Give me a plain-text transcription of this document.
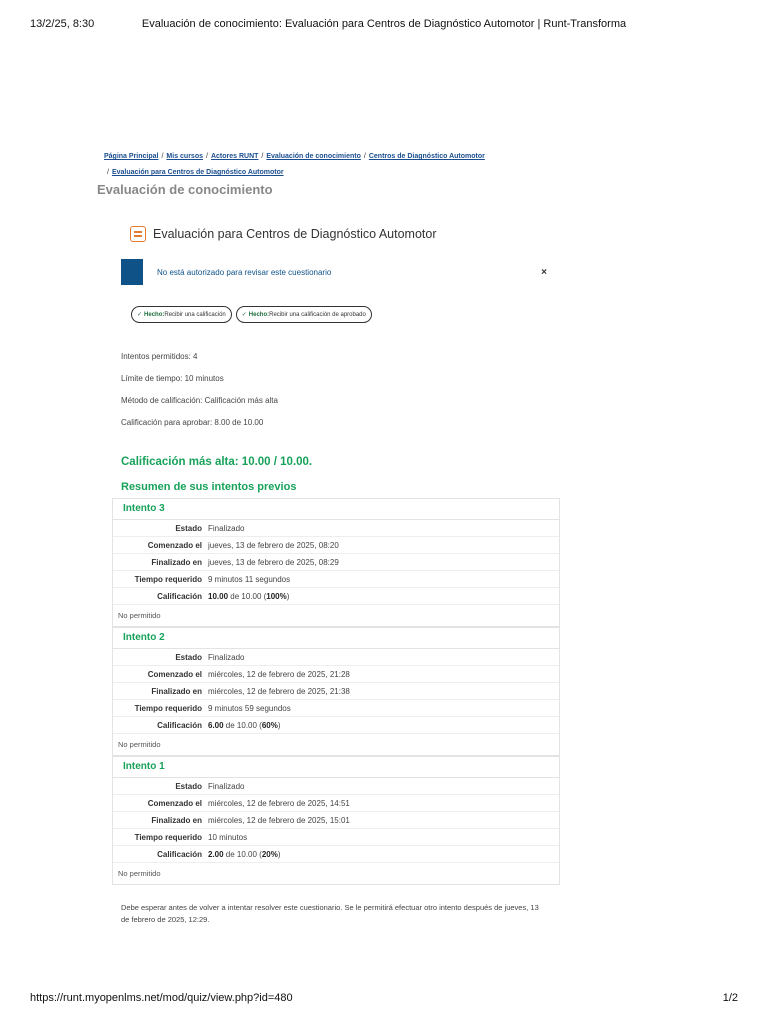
13/2/25, 8:30	Evaluación de conocimiento: Evaluación para Centros de Diagnóstico Automotor | Runt-Transforma
Página Principal / Mis cursos / Actores RUNT / Evaluación de conocimiento / Centros de Diagnóstico Automotor
/ Evaluación para Centros de Diagnóstico Automotor
Evaluación de conocimiento
Evaluación para Centros de Diagnóstico Automotor
No está autorizado para revisar este cuestionario	×
✓ Hecho:Recibir una calificación	✓ Hecho:Recibir una calificación de aprobado
Intentos permitidos: 4
Límite de tiempo: 10 minutos
Método de calificación: Calificación más alta
Calificación para aprobar: 8.00 de 10.00
Calificación más alta: 10.00 / 10.00.
Resumen de sus intentos previos
Intento 3
Estado Finalizado
Comenzado el jueves, 13 de febrero de 2025, 08:20
Finalizado en jueves, 13 de febrero de 2025, 08:29
Tiempo requerido 9 minutos 11 segundos
Calificación 10.00 de 10.00 (100%)
No permitido
Intento 2
Estado Finalizado
Comenzado el miércoles, 12 de febrero de 2025, 21:28
Finalizado en miércoles, 12 de febrero de 2025, 21:38
Tiempo requerido 9 minutos 59 segundos
Calificación 6.00 de 10.00 (60%)
No permitido
Intento 1
Estado Finalizado
Comenzado el miércoles, 12 de febrero de 2025, 14:51
Finalizado en miércoles, 12 de febrero de 2025, 15:01
Tiempo requerido 10 minutos
Calificación 2.00 de 10.00 (20%)
No permitido
Debe esperar antes de volver a intentar resolver este cuestionario. Se le permitirá efectuar otro intento después de jueves, 13 de febrero de 2025, 12:29.
https://runt.myopenlms.net/mod/quiz/view.php?id=480	1/2
